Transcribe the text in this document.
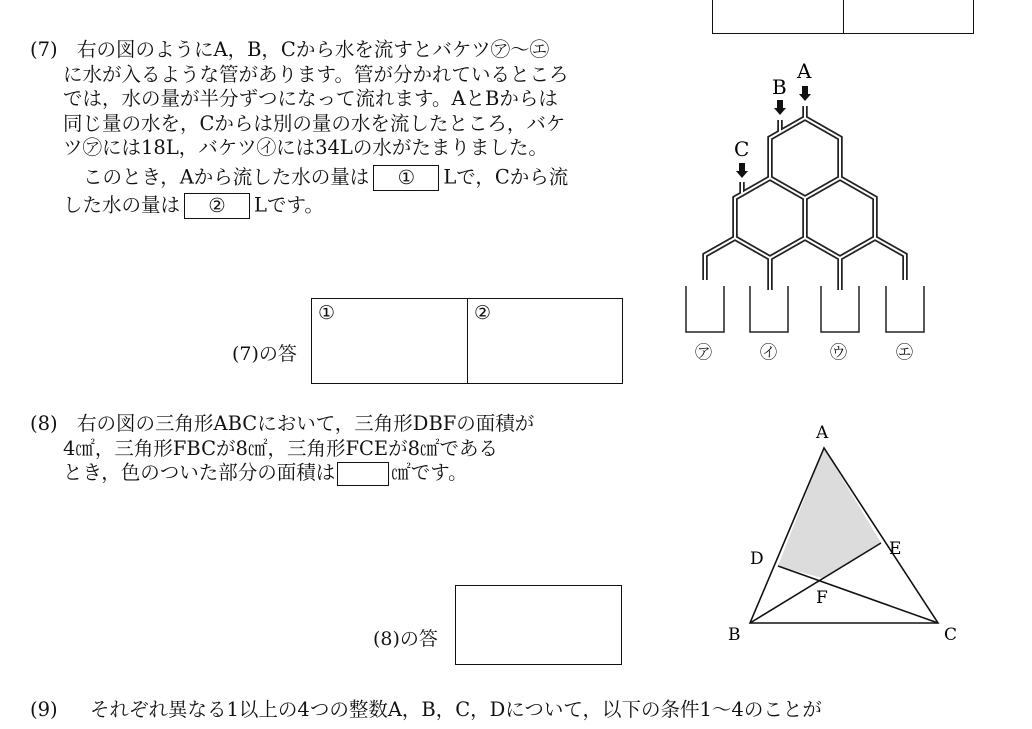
(7) 右の図のようにA，B，Cから水を流すとバケツ㋐〜㋓
に水が入るような管があります。管が分かれているところ
では，水の量が半分ずつになって流れます。AとBからは
同じ量の水を，Cからは別の量の水を流したところ，バケ
ツ㋐には18L，バケツ㋑には34Lの水がたまりました。
このとき，Aから流した水の量は ① Lで，Cから流
した水の量は ② Lです。
(7)の答
①	②
A
B
C
㋐	㋑	㋒	㋓
(8) 右の図の三角形ABCにおいて，三角形DBFの面積が
4㎠，三角形FBCが8㎠，三角形FCEが8㎠である
とき，色のついた部分の面積は	㎠です。
(8)の答
A
B	C
D	E
F
(9) それぞれ異なる1以上の4つの整数A，B，C，Dについて，以下の条件1〜4のことが
